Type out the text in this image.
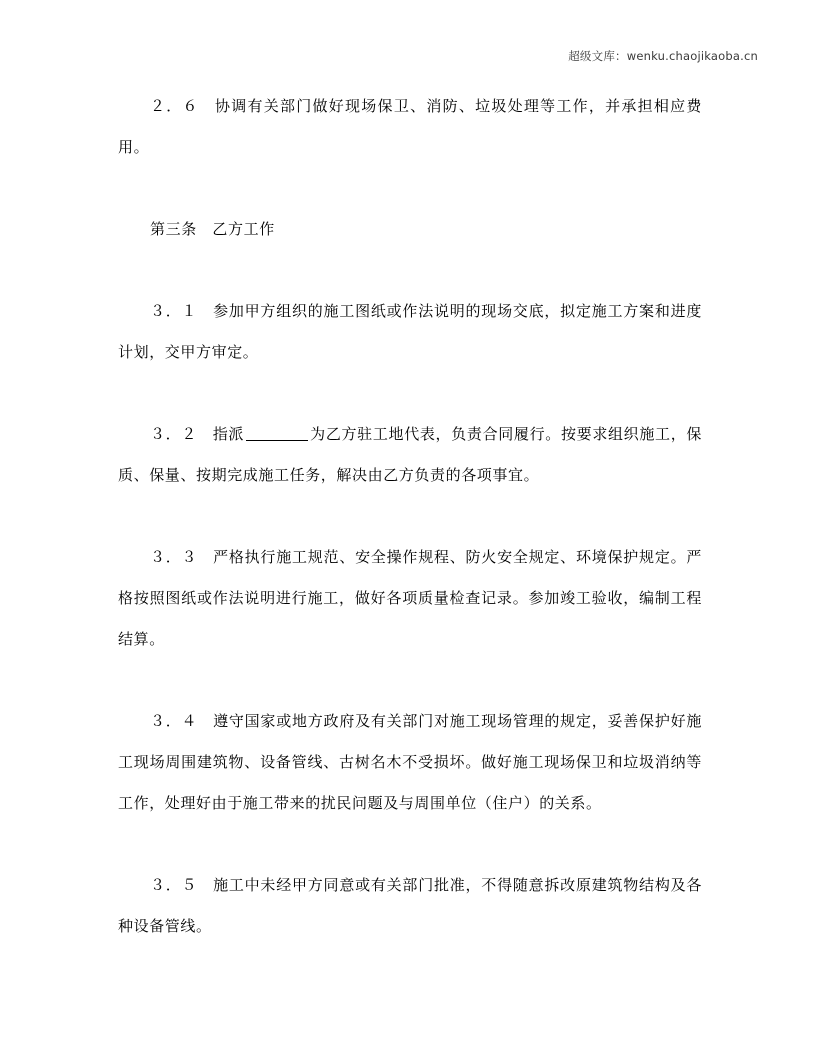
超级文库：wenku.chaojikaoba.cn

２．６　协调有关部门做好现场保卫、消防、垃圾处理等工作，并承担相应费用。

第三条　乙方工作

３．１　参加甲方组织的施工图纸或作法说明的现场交底，拟定施工方案和进度计划，交甲方审定。

３．２　指派	为乙方驻工地代表，负责合同履行。按要求组织施工，保质、保量、按期完成施工任务，解决由乙方负责的各项事宜。

３．３　严格执行施工规范、安全操作规程、防火安全规定、环境保护规定。严格按照图纸或作法说明进行施工，做好各项质量检查记录。参加竣工验收，编制工程结算。

３．４　遵守国家或地方政府及有关部门对施工现场管理的规定，妥善保护好施工现场周围建筑物、设备管线、古树名木不受损坏。做好施工现场保卫和垃圾消纳等工作，处理好由于施工带来的扰民问题及与周围单位（住户）的关系。

３．５　施工中未经甲方同意或有关部门批准，不得随意拆改原建筑物结构及各种设备管线。
